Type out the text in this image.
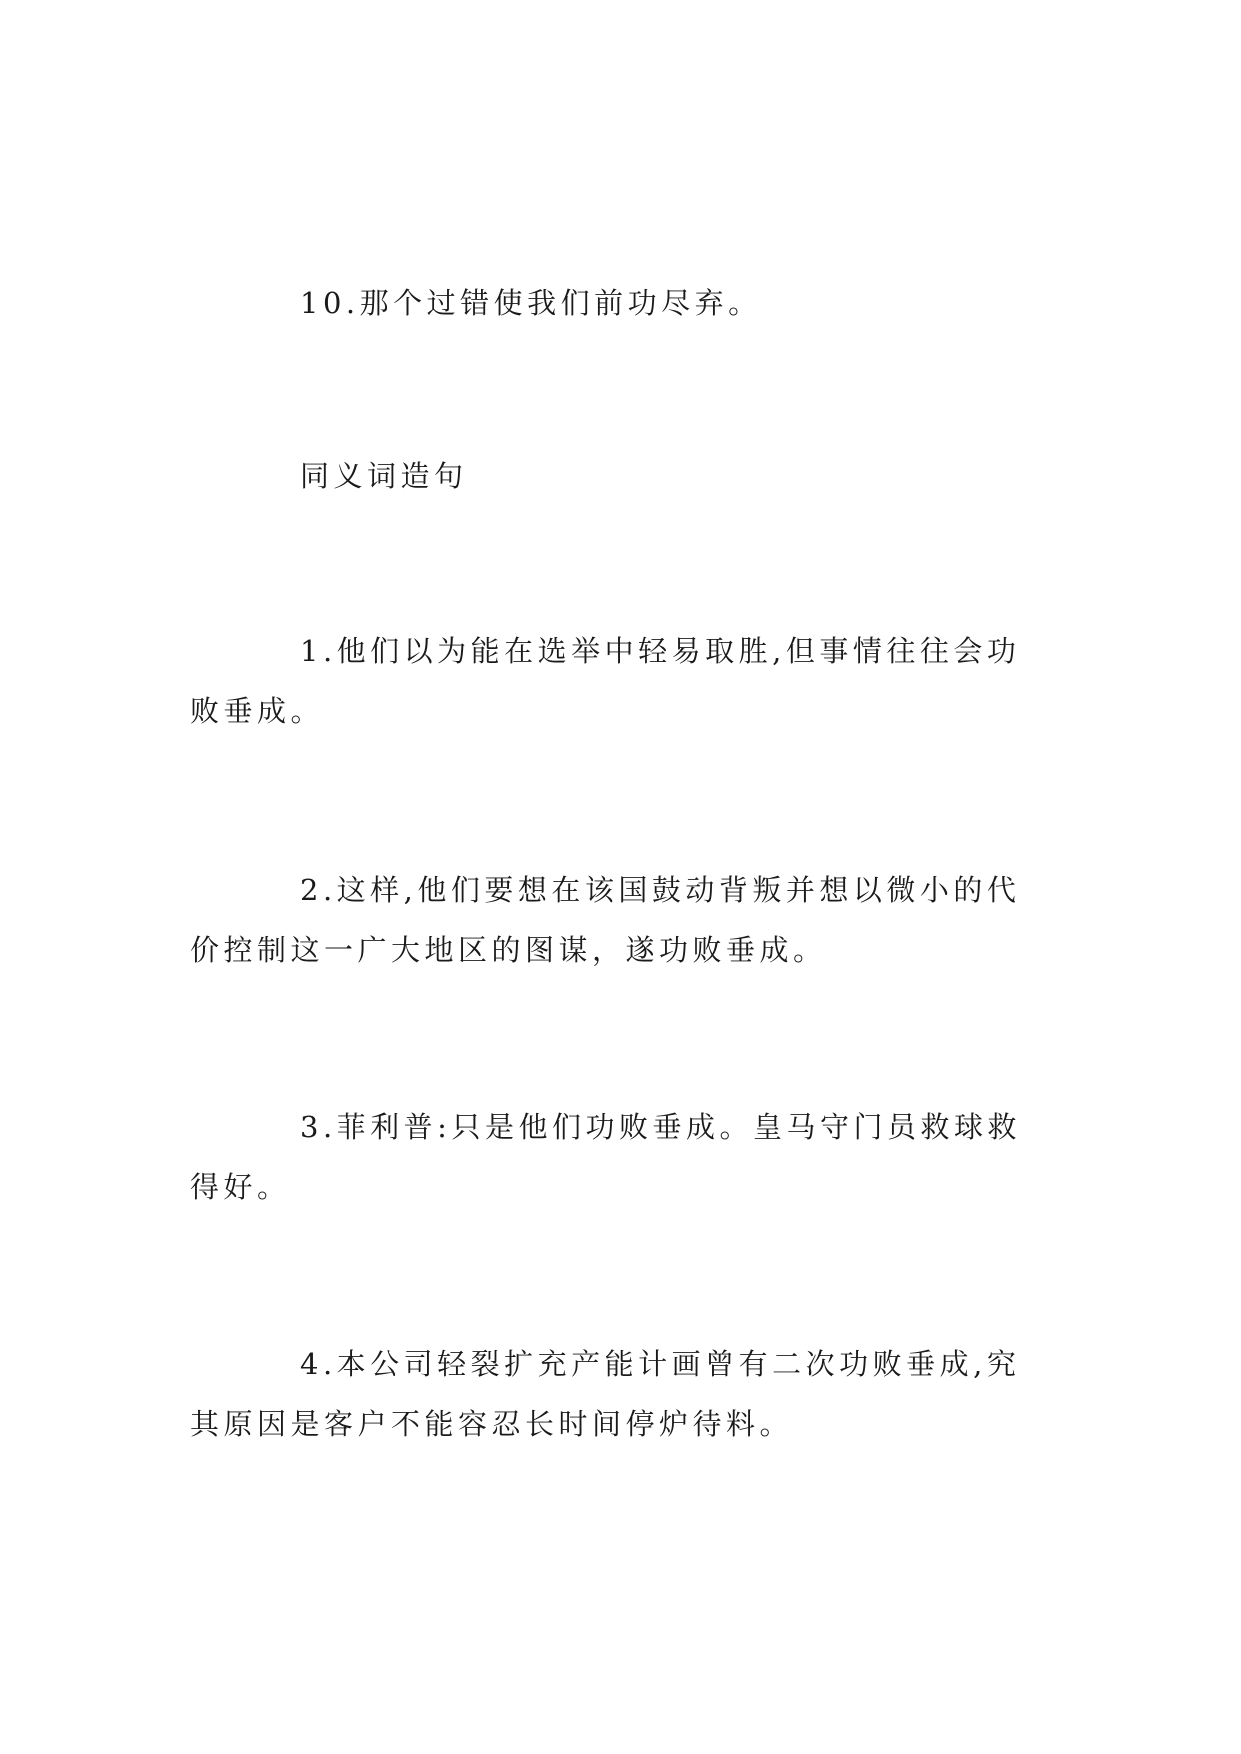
10.那个过错使我们前功尽弃。

同义词造句

1.他们以为能在选举中轻易取胜,但事情往往会功败垂成。

2.这样,他们要想在该国鼓动背叛并想以微小的代价控制这一广大地区的图谋，遂功败垂成。

3.菲利普:只是他们功败垂成。皇马守门员救球救得好。

4.本公司轻裂扩充产能计画曾有二次功败垂成,究其原因是客户不能容忍长时间停炉待料。
